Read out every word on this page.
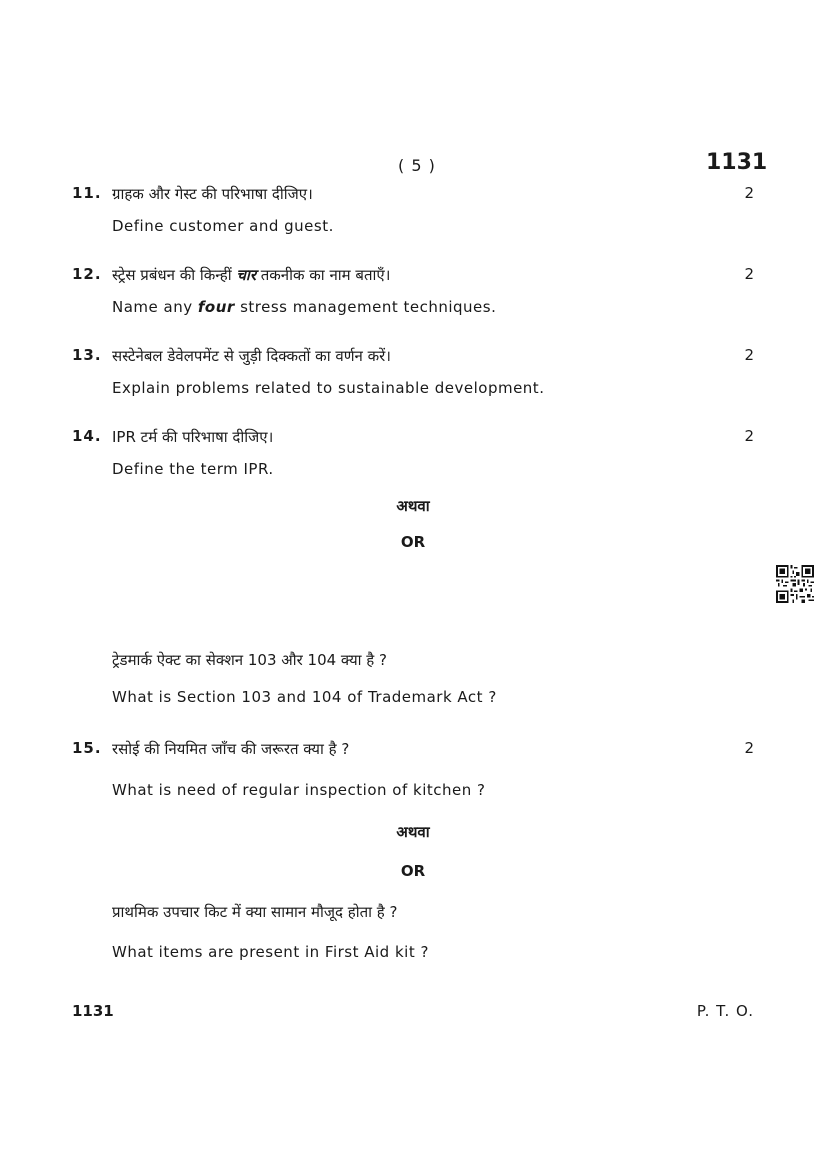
( 5 )	1131
11. ग्राहक और गेस्ट की परिभाषा दीजिए।	2
Define customer and guest.
12. स्ट्रेस प्रबंधन की किन्हीं चार तकनीक का नाम बताएँ।	2
Name any four stress management techniques.
13. सस्टेनेबल डेवेलपमेंट से जुड़ी दिक्कतों का वर्णन करें।	2
Explain problems related to sustainable development.
14. IPR टर्म की परिभाषा दीजिए।	2
Define the term IPR.
अथवा
OR
ट्रेडमार्क ऐक्ट का सेक्शन 103 और 104 क्या है ?
What is Section 103 and 104 of Trademark Act ?
15. रसोई की नियमित जाँच की जरूरत क्या है ?	2
What is need of regular inspection of kitchen ?
अथवा
OR
प्राथमिक उपचार किट में क्या सामान मौजूद होता है ?
What items are present in First Aid kit ?
1131	P. T. O.
